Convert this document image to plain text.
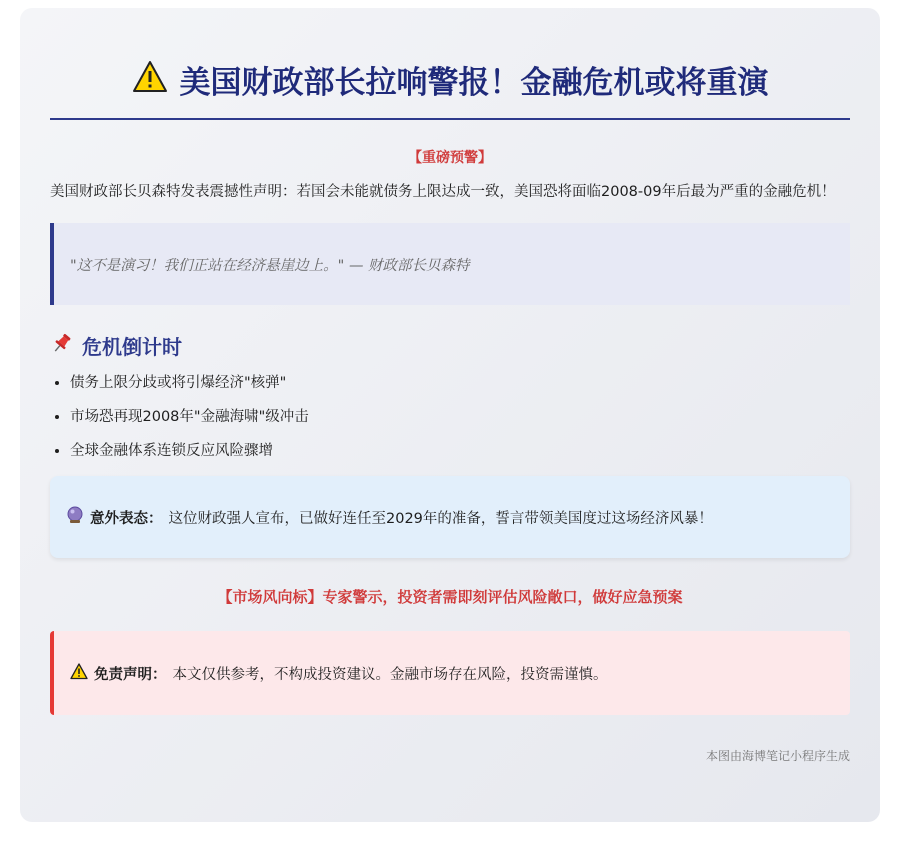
美国财政部长拉响警报！金融危机或将重演
【重磅预警】
美国财政部长贝森特发表震撼性声明：若国会未能就债务上限达成一致，美国恐将面临2008-09年后最为严重的金融危机！
"这不是演习！我们正站在经济悬崖边上。" — 财政部长贝森特
危机倒计时
• 债务上限分歧或将引爆经济"核弹"
• 市场恐再现2008年"金融海啸"级冲击
• 全球金融体系连锁反应风险骤增
意外表态： 这位财政强人宣布，已做好连任至2029年的准备，誓言带领美国度过这场经济风暴！
【市场风向标】专家警示，投资者需即刻评估风险敞口，做好应急预案
免责声明： 本文仅供参考，不构成投资建议。金融市场存在风险，投资需谨慎。
本图由海博笔记小程序生成
